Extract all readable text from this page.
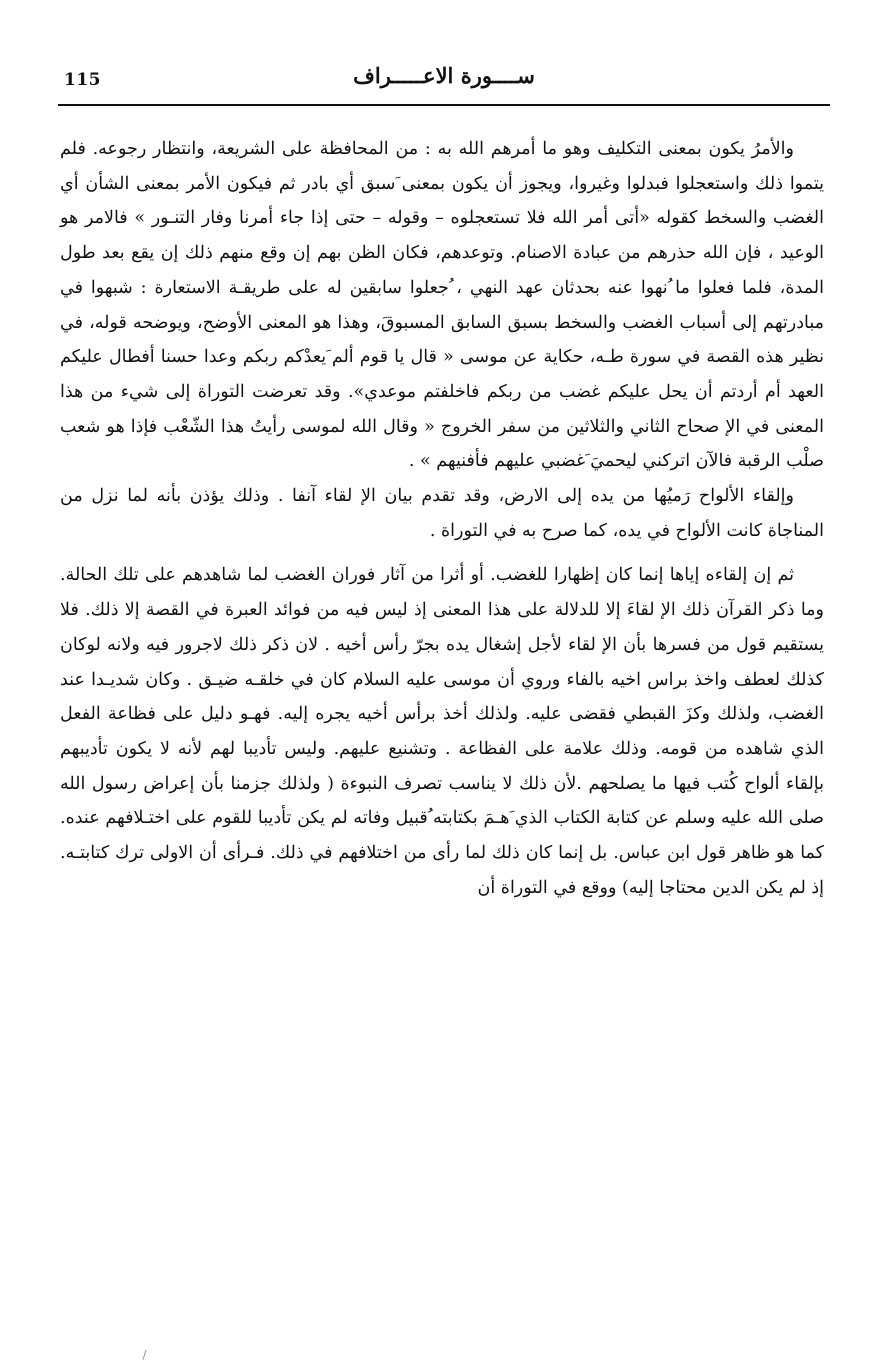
115	ســــورة الاعـــــراف

والأمرُ يكون بمعنى التكليف وهو ما أمرهم الله به : من المحافظة على الشريعة، وانتظار رجوعه. فلم يتموا ذلك واستعجلوا فبدلوا وغيروا، ويجوز أن يكون بمعنى َسبق أي بادر ثم فيكون الأمر بمعنى الشأن أي الغضب والسخط كقوله «أتى أمر الله فلا تستعجلوه – وقوله – حتى إذا جاء أمرنا وفار التنـور » فالامر هو الوعيد ، فإن الله حذرهم من عبادة الاصنام. وتوعدهم، فكان الظن بهم إن وقع منهم ذلك إن يقع بعد طول المدة، فلما فعلوا ما ُنهوا عنه بحدثان عهد النهي ، ُجعلوا سابقين له على طريقـة الاستعارة : شبهوا في مبادرتهم إلى أسباب الغضب والسخط بسبق السابق المسبوقَ، وهذا هو المعنى الأوضح، ويوضحه قوله، في نظير هذه القصة في سورة طـه، حكاية عن موسى « قال يا قوم ألم َيعدْكم ربكم وعدا حسنا أفطال عليكم العهد أم أردتم أن يحل عليكم غضب من ربكم فاخلفتم موعدي». وقد تعرضت التوراة إلى شيء من هذا المعنى في الإ صحاح الثاني والثلاثين من سفر الخروج « وقال الله لموسى رأيتُ هذا الشّعْب فإذا هو شعب صلْب الرقبة فالآن اتركني ليحميَ َغضبي عليهم فأفنيهم » .

وإلقاء الألواح رَميُها من يده إلى الارض، وقد تقدم بيان الإ لقاء آنفا . وذلك يؤذن بأنه لما نزل من المناجاة كانت الألواح في يده، كما صرح به في التوراة .

ثم إن إلقاءه إياها إنما كان إظهارا للغضب. أو أثرا من آثار فوران الغضب لما شاهدهم على تلك الحالة. وما ذكر القرآن ذلك الإ لقاءَ إلا للدلالة على هذا المعنى إذ ليس فيه من فوائد العبرة في القصة إلا ذلك. فلا يستقيم قول من فسرها بأن الإ لقاء لأجل إشغال يده بجرّ رأس أخيه . لان ذكر ذلك لاجرور فيه ولانه لوكان كذلك لعطف واخذ براس اخيه بالفاء وروي أن موسى عليه السلام كان في خلقـه ضيـق . وكان شديـدا عند الغضب، ولذلك وكزَ القبطي فقضى عليه. ولذلك أخذ برأس أخيه يجره إليه. فهـو دليل على فظاعة الفعل الذي شاهده من قومه. وذلك علامة على الفظاعة . وتشنيع عليهم. وليس تأديبا لهم لأنه لا يكون تأديبهم بإلقاء ألواح كُتب فيها ما يصلحهم .لأن ذلك لا يناسب تصرف النبوءة ( ولذلك جزمنا بأن إعراض رسول الله صلى الله عليه وسلم عن كتابة الكتاب الذي َهـمَ بكتابته ُقبيل وفاته لم يكن تأديبا للقوم على اختـلافهم عنده. كما هو ظاهر قول ابن عباس. بل إنما كان ذلك لما رأى من اختلافهم في ذلك. فـرأى أن الاولى ترك كتابتـه. إذ لم يكن الدين محتاجا إليه) ووقع في التوراة أن
